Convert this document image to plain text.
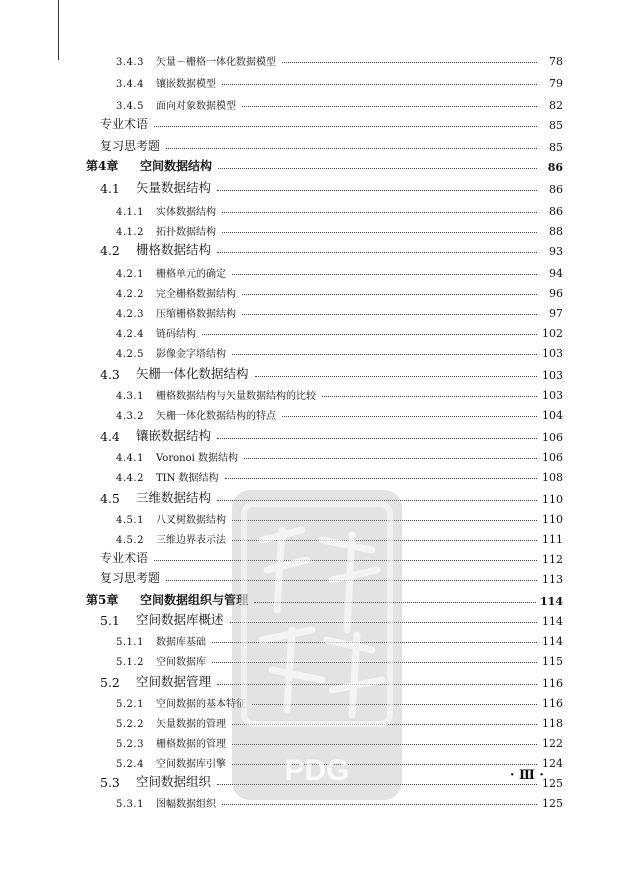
3.4.3	矢量－栅格一体化数据模型	78
3.4.4	镶嵌数据模型	79
3.4.5	面向对象数据模型	82
专业术语	85
复习思考题	85
第4章	空间数据结构	86
4.1	矢量数据结构	86
4.1.1	实体数据结构	86
4.1.2	拓扑数据结构	88
4.2	栅格数据结构	93
4.2.1	栅格单元的确定	94
4.2.2	完全栅格数据结构	96
4.2.3	压缩栅格数据结构	97
4.2.4	链码结构	102
4.2.5	影像金字塔结构	103
4.3	矢栅一体化数据结构	103
4.3.1	栅格数据结构与矢量数据结构的比较	103
4.3.2	矢栅一体化数据结构的特点	104
4.4	镶嵌数据结构	106
4.4.1	Voronoi 数据结构	106
4.4.2	TIN 数据结构	108
4.5	三维数据结构	110
4.5.1	八叉树数据结构	110
4.5.2	三维边界表示法	111
专业术语	112
复习思考题	113
第5章	空间数据组织与管理	114
5.1	空间数据库概述	114
5.1.1	数据库基础	114
5.1.2	空间数据库	115
5.2	空间数据管理	116
5.2.1	空间数据的基本特征	116
5.2.2	矢量数据的管理	118
5.2.3	栅格数据的管理	122
5.2.4	空间数据库引擎	124
5.3	空间数据组织	125
5.3.1	图幅数据组织	125
PDG	· Ⅲ ·
